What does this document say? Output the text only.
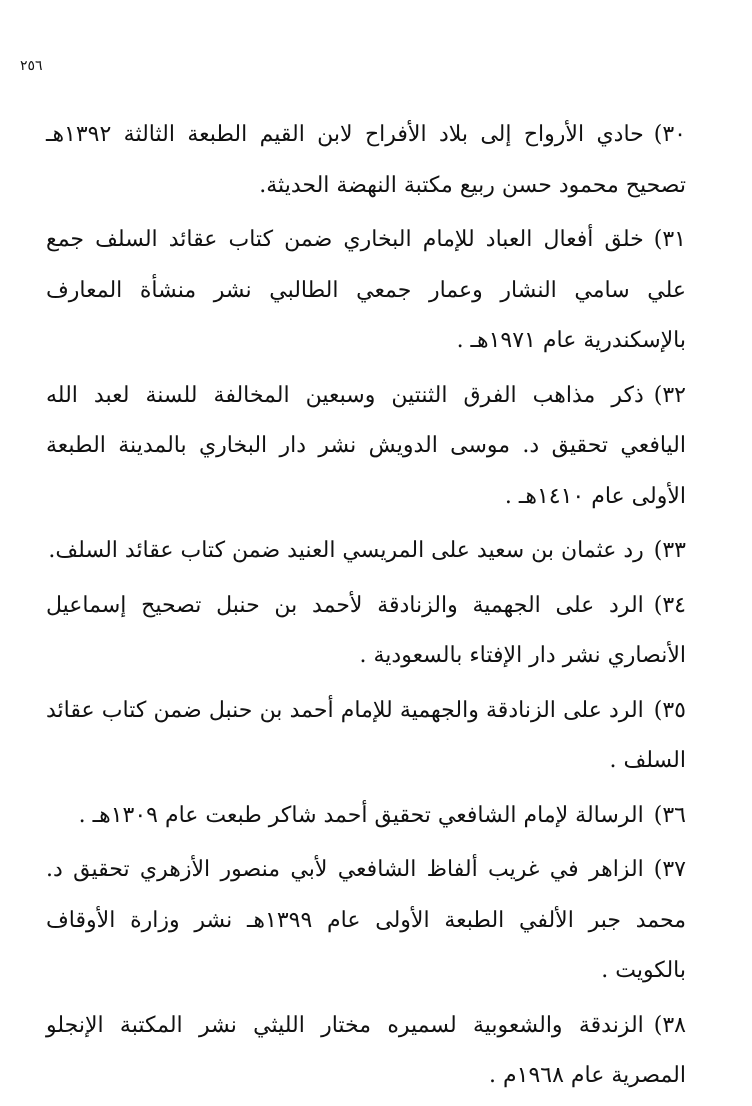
٢٥٦

٣٠)حادي الأرواح إلى بلاد الأفراح لابن القيم الطبعة الثالثة ١٣٩٢هـ تصحيح محمود حسن ربيع مكتبة النهضة الحديثة.

٣١)خلق أفعال العباد للإمام البخاري ضمن كتاب عقائد السلف جمع علي سامي النشار وعمار جمعي الطالبي نشر منشأة المعارف بالإسكندرية عام ١٩٧١هـ .

٣٢)ذكر مذاهب الفرق الثنتين وسبعين المخالفة للسنة لعبد الله اليافعي تحقيق د. موسى الدويش نشر دار البخاري بالمدينة الطبعة الأولى عام ١٤١٠هـ .

٣٣)رد عثمان بن سعيد على المريسي العنيد ضمن كتاب عقائد السلف.

٣٤)الرد على الجهمية والزنادقة لأحمد بن حنبل تصحيح إسماعيل الأنصاري نشر دار الإفتاء بالسعودية .

٣٥)الرد على الزنادقة والجهمية للإمام أحمد بن حنبل ضمن كتاب عقائد السلف .

٣٦)الرسالة لإمام الشافعي تحقيق أحمد شاكر طبعت عام ١٣٠٩هـ .

٣٧)الزاهر في غريب ألفاظ الشافعي لأبي منصور الأزهري تحقيق د. محمد جبر الألفي الطبعة الأولى عام ١٣٩٩هـ نشر وزارة الأوقاف بالكويت .

٣٨)الزندقة والشعوبية لسميره مختار الليثي نشر المكتبة الإنجلو المصرية عام ١٩٦٨م .
